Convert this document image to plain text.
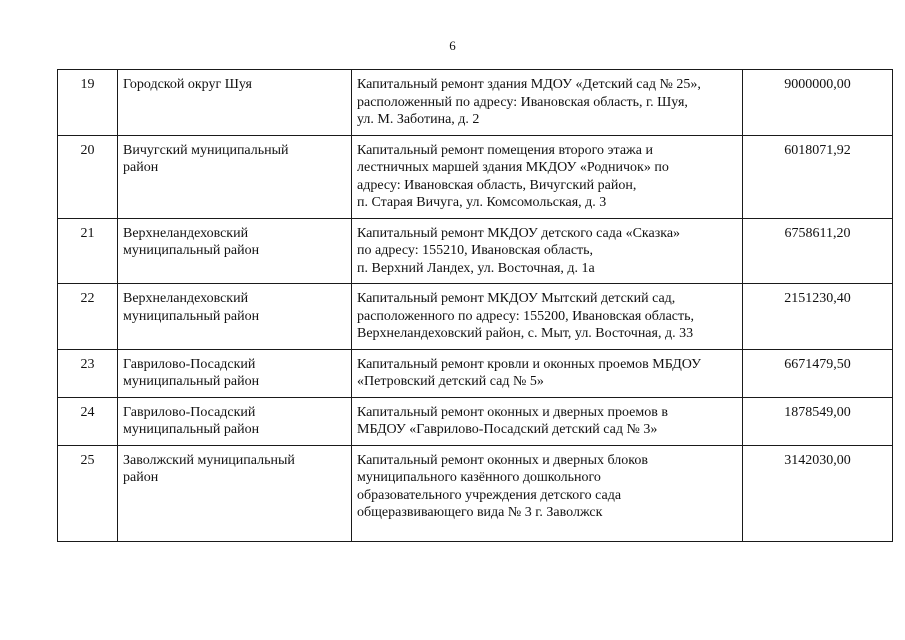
6
19	Городской округ Шуя	Капитальный ремонт здания МДОУ «Детский сад № 25»,
расположенный по адресу: Ивановская область, г. Шуя,
ул. М. Заботина, д. 2	9000000,00
20	Вичугский муниципальный
район	Капитальный ремонт помещения второго этажа и
лестничных маршей здания МКДОУ «Родничок» по
адресу: Ивановская область, Вичугский район,
п. Старая Вичуга, ул. Комсомольская, д. 3	6018071,92
21	Верхнеландеховский
муниципальный район	Капитальный ремонт МКДОУ детского сада «Сказка»
по адресу: 155210, Ивановская область,
п. Верхний Ландех, ул. Восточная, д. 1а	6758611,20
22	Верхнеландеховский
муниципальный район	Капитальный ремонт МКДОУ Мытский детский сад,
расположенного по адресу: 155200, Ивановская область,
Верхнеландеховский район, с. Мыт, ул. Восточная, д. 33	2151230,40
23	Гаврилово-Посадский
муниципальный район	Капитальный ремонт кровли и оконных проемов МБДОУ
«Петровский детский сад № 5»	6671479,50
24	Гаврилово-Посадский
муниципальный район	Капитальный ремонт оконных и дверных проемов в
МБДОУ «Гаврилово-Посадский детский сад № 3»	1878549,00
25	Заволжский муниципальный
район	Капитальный ремонт оконных и дверных блоков
муниципального казённого дошкольного
образовательного учреждения детского сада
общеразвивающего вида № 3 г. Заволжск	3142030,00
